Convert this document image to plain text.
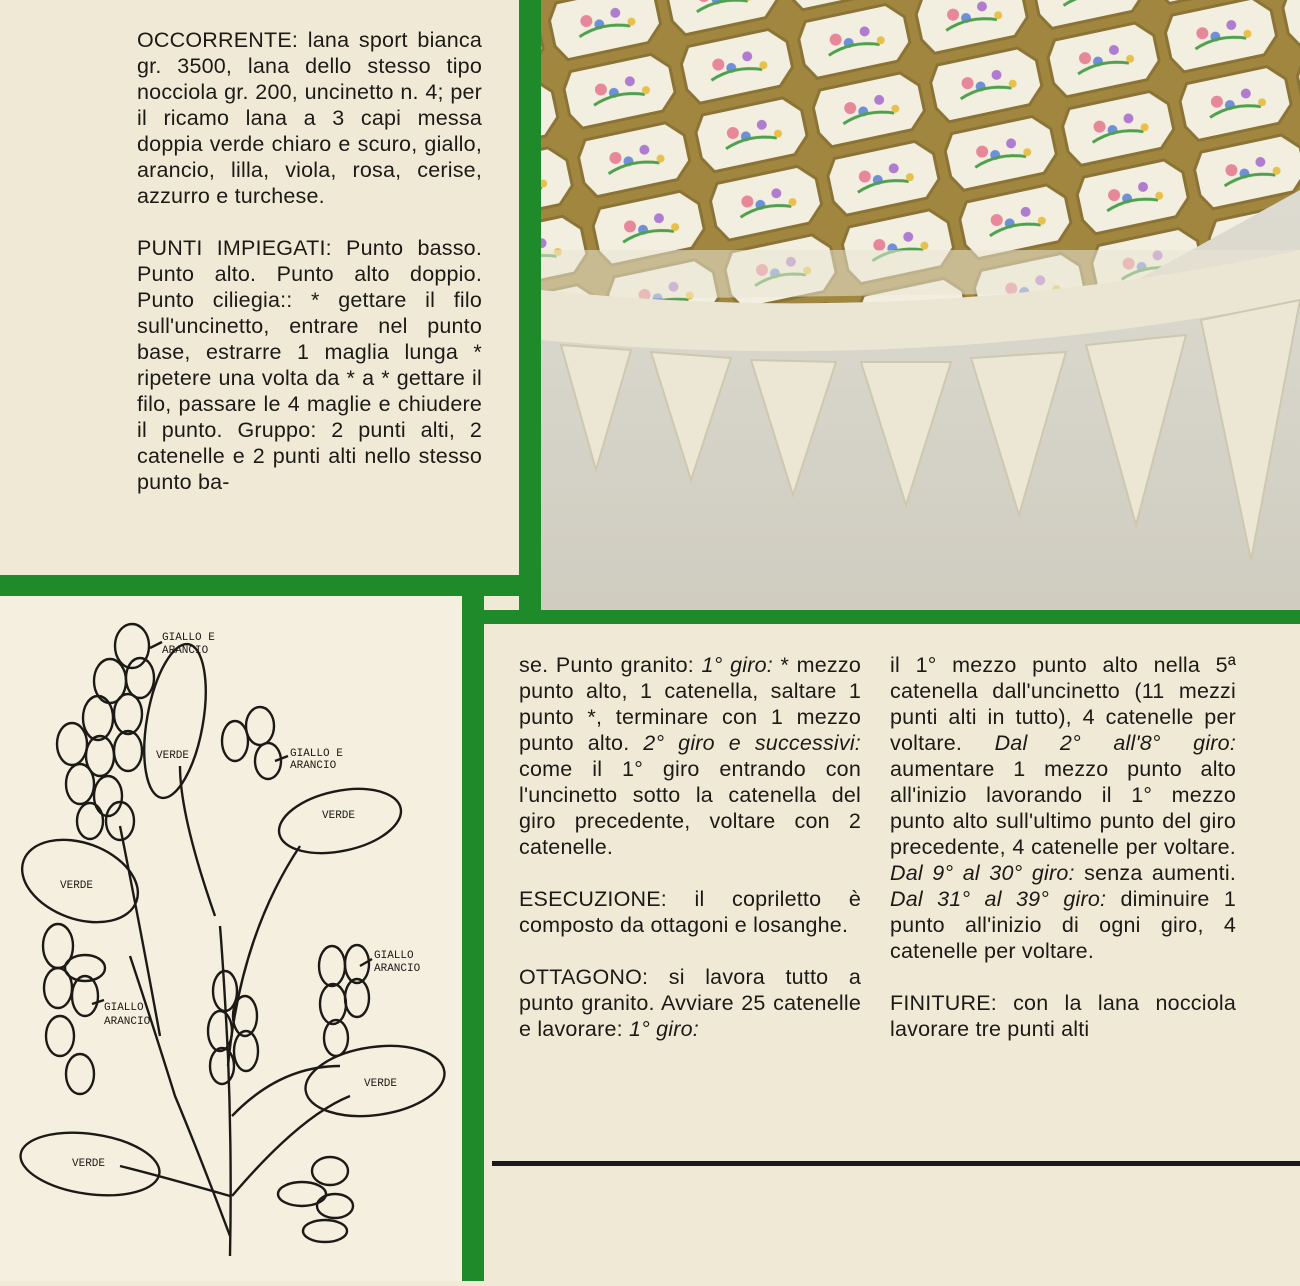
OCCORRENTE: lana sport bianca gr. 3500, lana dello stesso tipo nocciola gr. 200, uncinetto n. 4; per il ricamo lana a 3 capi messa doppia verde chiaro e scuro, giallo, arancio, lilla, viola, rosa, cerise, azzurro e turchese.

PUNTI IMPIEGATI: Punto basso. Punto alto. Punto alto doppio. Punto ciliegia:: * gettare il filo sull'uncinetto, entrare nel punto base, estrarre 1 maglia lunga * ripetere una volta da * a * gettare il filo, passare le 4 maglie e chiudere il punto. Gruppo: 2 punti alti, 2 catenelle e 2 punti alti nello stesso punto ba-

GIALLO E
ARANCIO
GIALLO E
ARANCIO
GIALLO
ARANCIO
GIALLO
ARANCIO
VERDE
VERDE
VERDE
VERDE
VERDE

se. Punto granito: 1° giro: * mezzo punto alto, 1 catenella, saltare 1 punto *, terminare con 1 mezzo punto alto. 2° giro e successivi: come il 1° giro entrando con l'uncinetto sotto la catenella del giro precedente, voltare con 2 catenelle.

ESECUZIONE: il copriletto è composto da ottagoni e losanghe.

OTTAGONO: si lavora tutto a punto granito. Avviare 25 catenelle e lavorare: 1° giro:

il 1° mezzo punto alto nella 5ª catenella dall'uncinetto (11 mezzi punti alti in tutto), 4 catenelle per voltare. Dal 2° all'8° giro: aumentare 1 mezzo punto alto all'inizio lavorando il 1° mezzo punto alto sull'ultimo punto del giro precedente, 4 catenelle per voltare. Dal 9° al 30° giro: senza aumenti. Dal 31° al 39° giro: diminuire 1 punto all'inizio di ogni giro, 4 catenelle per voltare.

FINITURE: con la lana nocciola lavorare tre punti alti
